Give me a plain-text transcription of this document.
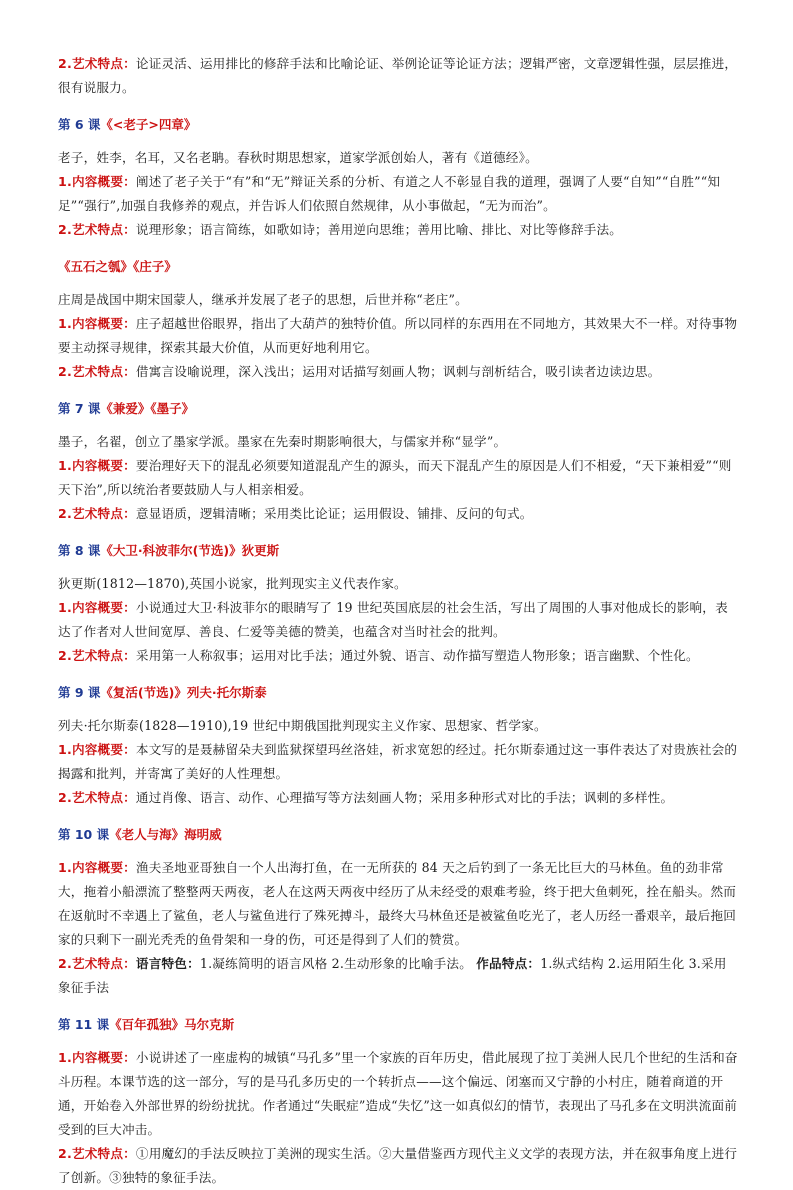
2.艺术特点：论证灵活、运用排比的修辞手法和比喻论证、举例论证等论证方法；逻辑严密，文章逻辑性强，层层推进，很有说服力。

第 6 课《<老子>四章》

老子，姓李，名耳，又名老聃。春秋时期思想家，道家学派创始人，著有《道德经》。

1.内容概要：阐述了老子关于“有”和“无”辩证关系的分析、有道之人不彰显自我的道理，强调了人要“自知”“自胜”“知足”“强行”,加强自我修养的观点，并告诉人们依照自然规律，从小事做起，“无为而治”。

2.艺术特点：说理形象；语言简练，如歌如诗；善用逆向思维；善用比喻、排比、对比等修辞手法。

《五石之瓠》《庄子》

庄周是战国中期宋国蒙人，继承并发展了老子的思想，后世并称“老庄”。

1.内容概要：庄子超越世俗眼界，指出了大葫芦的独特价值。所以同样的东西用在不同地方，其效果大不一样。对待事物要主动探寻规律，探索其最大价值，从而更好地利用它。

2.艺术特点：借寓言设喻说理，深入浅出；运用对话描写刻画人物；讽刺与剖析结合，吸引读者边读边思。

第 7 课《兼爱》《墨子》

墨子，名翟，创立了墨家学派。墨家在先秦时期影响很大，与儒家并称“显学”。

1.内容概要：要治理好天下的混乱必须要知道混乱产生的源头，而天下混乱产生的原因是人们不相爱，“天下兼相爱”“则天下治”,所以统治者要鼓励人与人相亲相爱。

2.艺术特点：意显语质，逻辑清晰；采用类比论证；运用假设、铺排、反问的句式。

第 8 课《大卫·科波菲尔(节选)》狄更斯

狄更斯(1812—1870),英国小说家，批判现实主义代表作家。

1.内容概要：小说通过大卫·科波菲尔的眼睛写了 19 世纪英国底层的社会生活，写出了周围的人事对他成长的影响，表达了作者对人世间宽厚、善良、仁爱等美德的赞美，也蕴含对当时社会的批判。

2.艺术特点：采用第一人称叙事；运用对比手法；通过外貌、语言、动作描写塑造人物形象；语言幽默、个性化。

第 9 课《复活(节选)》列夫·托尔斯泰

列夫·托尔斯泰(1828—1910),19 世纪中期俄国批判现实主义作家、思想家、哲学家。

1.内容概要：本文写的是聂赫留朵夫到监狱探望玛丝洛娃，祈求宽恕的经过。托尔斯泰通过这一事件表达了对贵族社会的揭露和批判，并寄寓了美好的人性理想。

2.艺术特点：通过肖像、语言、动作、心理描写等方法刻画人物；采用多种形式对比的手法；讽刺的多样性。

第 10 课《老人与海》海明威

1.内容概要：渔夫圣地亚哥独自一个人出海打鱼，在一无所获的 84 天之后钓到了一条无比巨大的马林鱼。鱼的劲非常大，拖着小船漂流了整整两天两夜，老人在这两天两夜中经历了从未经受的艰难考验，终于把大鱼刺死，拴在船头。然而在返航时不幸遇上了鲨鱼，老人与鲨鱼进行了殊死搏斗，最终大马林鱼还是被鲨鱼吃光了，老人历经一番艰辛，最后拖回家的只剩下一副光秃秃的鱼骨架和一身的伤，可还是得到了人们的赞赏。

2.艺术特点：语言特色：1.凝练简明的语言风格 2.生动形象的比喻手法。 作品特点：1.纵式结构 2.运用陌生化 3.采用象征手法

第 11 课《百年孤独》马尔克斯

1.内容概要：小说讲述了一座虚构的城镇“马孔多”里一个家族的百年历史，借此展现了拉丁美洲人民几个世纪的生活和奋斗历程。本课节选的这一部分，写的是马孔多历史的一个转折点——这个偏远、闭塞而又宁静的小村庄，随着商道的开通，开始卷入外部世界的纷纷扰扰。作者通过“失眠症”造成“失忆”这一如真似幻的情节，表现出了马孔多在文明洪流面前受到的巨大冲击。

2.艺术特点：①用魔幻的手法反映拉丁美洲的现实生活。②大量借鉴西方现代主义文学的表现方法，并在叙事角度上进行了创新。③独特的象征手法。
